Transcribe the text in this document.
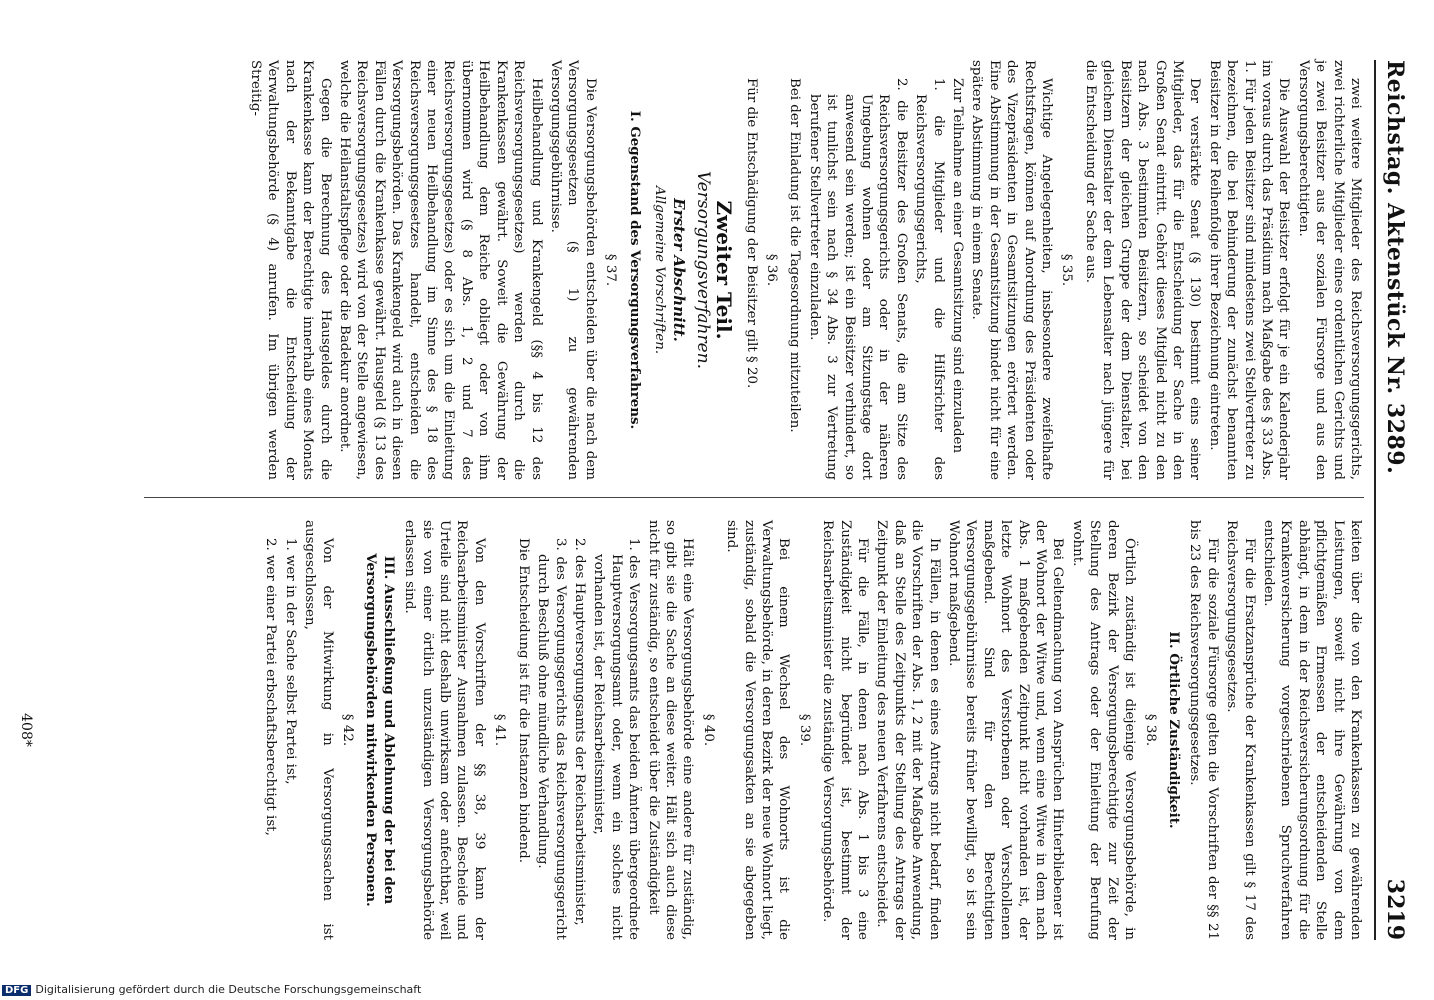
Reichstag. Aktenstück Nr. 3289.
3219

zwei weitere Mitglieder des Reichsversorgungsgerichts, zwei richterliche Mitglieder eines ordentlichen Gerichts und je zwei Beisitzer aus der sozialen Fürsorge und aus den Versorgungsberechtigten.

Die Auswahl der Beisitzer erfolgt für je ein Kalenderjahr im voraus durch das Präsidium nach Maßgabe des § 33 Abs. 1. Für jeden Beisitzer sind mindestens zwei Stellvertreter zu bezeichnen, die bei Behinderung der zunächst benannten Beisitzer in der Reihenfolge ihrer Bezeichnung eintreten.

Der verstärkte Senat (§ 130) bestimmt eins seiner Mitglieder, das für die Entscheidung der Sache in den Großen Senat eintritt. Gehört dieses Mitglied nicht zu den nach Abs. 3 bestimmten Beisitzern, so scheidet von den Beisitzern der gleichen Gruppe der dem Dienstalter, bei gleichem Dienstalter der dem Lebensalter nach jüngere für die Entscheidung der Sache aus.

§ 35.

Wichtige Angelegenheiten, insbesondere zweifelhafte Rechtsfragen, können auf Anordnung des Präsidenten oder des Vizepräsidenten in Gesamtsitzungen erörtert werden. Eine Abstimmung in der Gesamtsitzung bindet nicht für eine spätere Abstimmung in einem Senate.

Zur Teilnahme an einer Gesamtsitzung sind einzuladen

1. die Mitglieder und die Hilfsrichter des Reichsversorgungsgerichts,

2. die Beisitzer des Großen Senats, die am Sitze des Reichsversorgungsgerichts oder in der näheren Umgebung wohnen oder am Sitzungstage dort anwesend sein werden; ist ein Beisitzer verhindert, so ist tunlichst sein nach § 34 Abs. 3 zur Vertretung berufener Stellvertreter einzuladen.

Bei der Einladung ist die Tagesordnung mitzuteilen.

§ 36.

Für die Entschädigung der Beisitzer gilt § 20.

Zweiter Teil.

Versorgungsverfahren.

Erster Abschnitt.

Allgemeine Vorschriften.

I. Gegenstand des Versorgungsverfahrens.

§ 37.

Die Versorgungsbehörden entscheiden über die nach dem Versorgungsgesetzen (§ 1) zu gewährenden Versorgungsgebührnisse.

Heilbehandlung und Krankengeld (§§ 4 bis 12 des Reichsversorgungsgesetzes) werden durch die Krankenkassen gewährt. Soweit die Gewährung der Heilbehandlung dem Reiche obliegt oder von ihm übernommen wird (§ 8 Abs. 1, 2 und 7 des Reichsversorgungsgesetzes) oder es sich um die Einleitung einer neuen Heilbehandlung im Sinne des § 18 des Reichsversorgungsgesetzes handelt, entscheiden die Versorgungsbehörden. Das Krankengeld wird auch in diesen Fällen durch die Krankenkasse gewährt. Hausgeld (§ 13 des Reichsversorgungsgesetzes) wird von der Stelle angewiesen, welche die Heilanstaltspflege oder die Badekur anordnet.

Gegen die Berechnung des Hausgeldes durch die Krankenkasse kann der Berechtigte innerhalb eines Monats nach der Bekanntgabe die Entscheidung der Verwaltungsbehörde (§ 4) anrufen. Im übrigen werden Streitig-

keiten über die von den Krankenkassen zu gewährenden Leistungen, soweit nicht ihre Gewährung von dem pflichtgemäßen Ermessen der entscheidenden Stelle abhängt, in dem in der Reichsversicherungsordnung für die Krankenversicherung vorgeschriebenen Spruchverfahren entschieden.

Für die Ersatzansprüche der Krankenkassen gilt § 17 des Reichsversorgungsgesetzes.

Für die soziale Fürsorge gelten die Vorschriften der §§ 21 bis 23 des Reichsversorgungsgesetzes.

II. Örtliche Zuständigkeit.

§ 38.

Örtlich zuständig ist diejenige Versorgungsbehörde, in deren Bezirk der Versorgungsberechtigte zur Zeit der Stellung des Antrags oder der Einleitung der Berufung wohnt.

Bei Geltendmachung von Ansprüchen Hinterbliebener ist der Wohnort der Witwe und, wenn eine Witwe in dem nach Abs. 1 maßgebenden Zeitpunkt nicht vorhanden ist, der letzte Wohnort des Verstorbenen oder Verschollenen maßgebend. Sind für den Berechtigten Versorgungsgebührnisse bereits früher bewilligt, so ist sein Wohnort maßgebend.

In Fällen, in denen es eines Antrags nicht bedarf, finden die Vorschriften der Abs. 1, 2 mit der Maßgabe Anwendung, daß an Stelle des Zeitpunkts der Stellung des Antrags der Zeitpunkt der Einleitung des neuen Verfahrens entscheidet.

Für die Fälle, in denen nach Abs. 1 bis 3 eine Zuständigkeit nicht begründet ist, bestimmt der Reichsarbeitsminister die zuständige Versorgungsbehörde.

§ 39.

Bei einem Wechsel des Wohnorts ist die Verwaltungsbehörde, in deren Bezirk der neue Wohnort liegt, zuständig, sobald die Versorgungsakten an sie abgegeben sind.

§ 40.

Hält eine Versorgungsbehörde eine andere für zuständig, so gibt sie die Sache an diese weiter. Hält sich auch diese nicht für zuständig, so entscheidet über die Zuständigkeit

1. des Versorgungsamts das beiden Ämtern übergeordnete Hauptversorgungsamt oder, wenn ein solches nicht vorhanden ist, der Reichsarbeitsminister,

2. des Hauptversorgungsamts der Reichsarbeitsminister,

3. des Versorgungsgerichts das Reichsversorgungsgericht durch Beschluß ohne mündliche Verhandlung.

Die Entscheidung ist für die Instanzen bindend.

§ 41.

Von den Vorschriften der §§ 38, 39 kann der Reichsarbeitsminister Ausnahmen zulassen. Bescheide und Urteile sind nicht deshalb unwirksam oder anfechtbar, weil sie von einer örtlich unzuständigen Versorgungsbehörde erlassen sind.

III. Ausschließung und Ablehnung der bei den Versorgungsbehörden mitwirkenden Personen.

§ 42.

Von der Mitwirkung in Versorgungssachen ist ausgeschlossen,

1. wer in der Sache selbst Partei ist,

2. wer einer Partei erbschaftsberechtigt ist,

408*
DFG Digitalisierung gefördert durch die Deutsche Forschungsgemeinschaft
